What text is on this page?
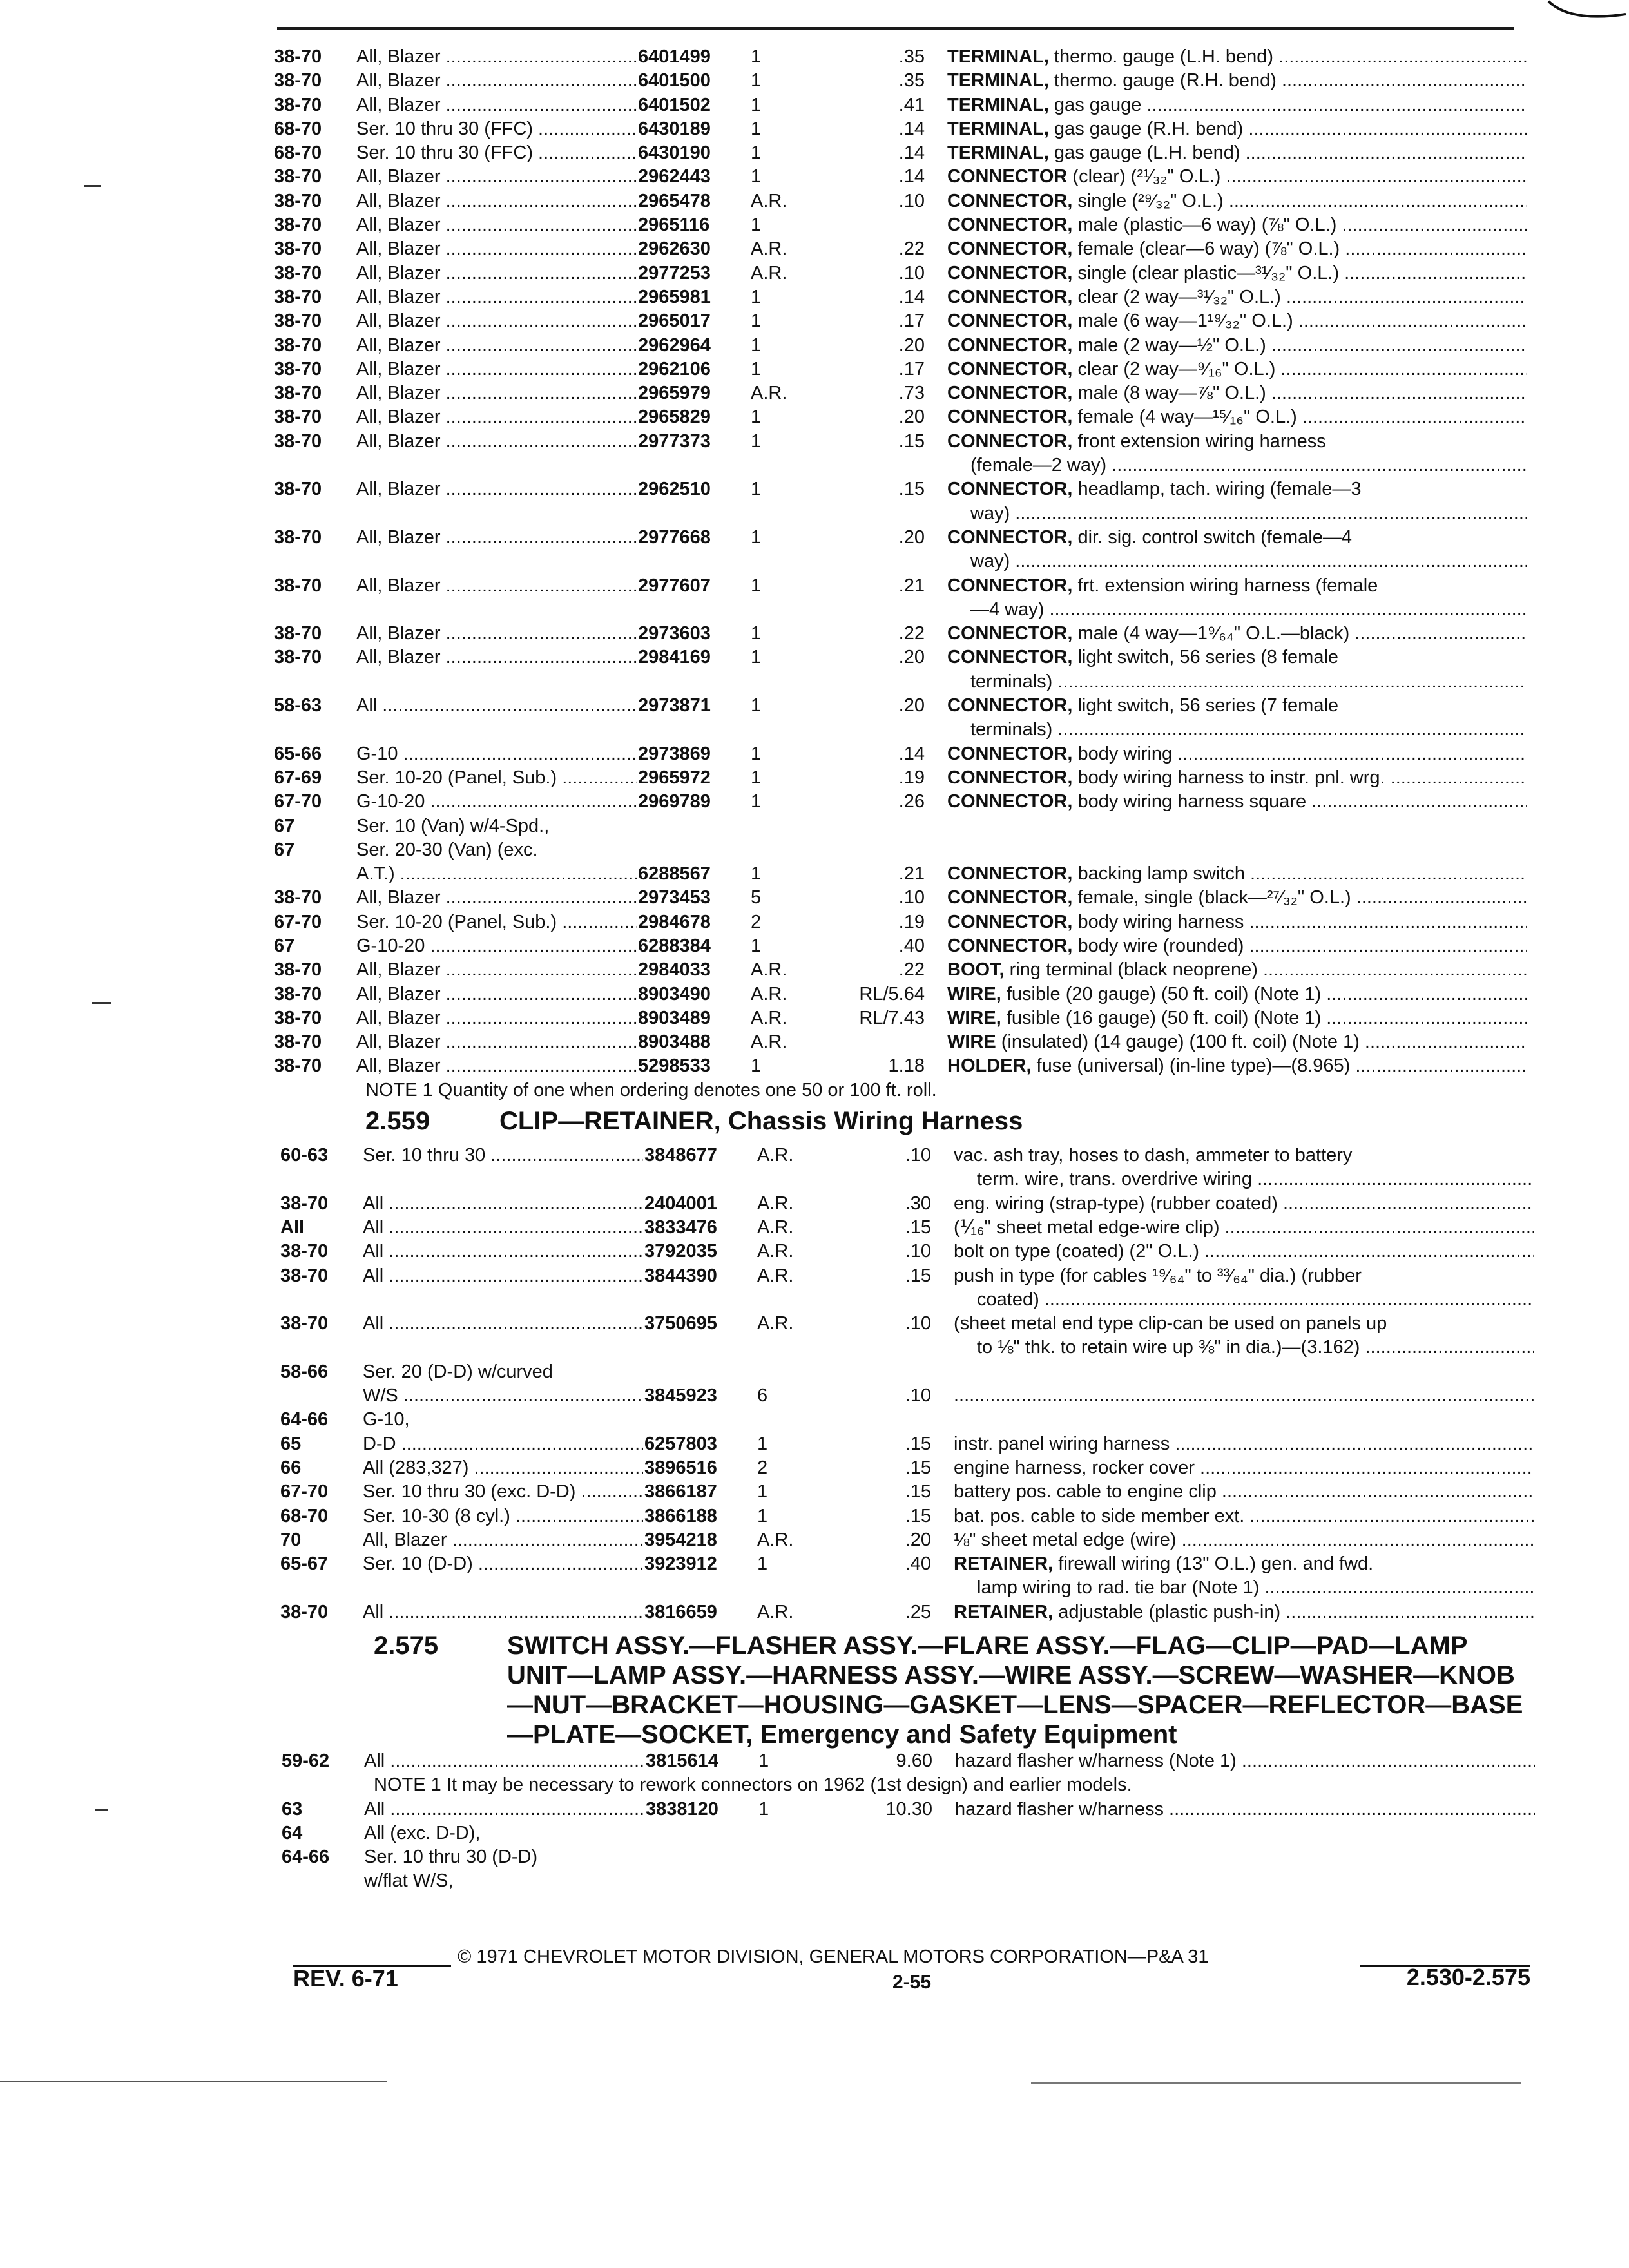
38-70	All, Blazer .....	6401499	1	.35 TERMINAL, thermo. gauge (L.H. bend) .....
38-70	All, Blazer .....	6401500	1	.35 TERMINAL, thermo. gauge (R.H. bend) .....
38-70	All, Blazer .....	6401502	1	.41 TERMINAL, gas gauge .....
68-70	Ser. 10 thru 30 (FFC) .....	6430189	1	.14 TERMINAL, gas gauge (R.H. bend) .....
68-70	Ser. 10 thru 30 (FFC) .....	6430190	1	.14 TERMINAL, gas gauge (L.H. bend) .....
38-70	All, Blazer .....	2962443	1	.14 CONNECTOR (clear) (²¹⁄₃₂" O.L.) .....
38-70	All, Blazer .....	2965478	A.R.	.10 CONNECTOR, single (²⁹⁄₃₂" O.L.) .....
38-70	All, Blazer .....	2965116	1	CONNECTOR, male (plastic—6 way) (⅞" O.L.) .....
38-70	All, Blazer .....	2962630	A.R.	.22 CONNECTOR, female (clear—6 way) (⅞" O.L.) .....
38-70	All, Blazer .....	2977253	A.R.	.10 CONNECTOR, single (clear plastic—³¹⁄₃₂" O.L.) .....
38-70	All, Blazer .....	2965981	1	.14 CONNECTOR, clear (2 way—³¹⁄₃₂" O.L.) .....
38-70	All, Blazer .....	2965017	1	.17 CONNECTOR, male (6 way—1¹⁹⁄₃₂" O.L.) .....
38-70	All, Blazer .....	2962964	1	.20 CONNECTOR, male (2 way—½" O.L.) .....
38-70	All, Blazer .....	2962106	1	.17 CONNECTOR, clear (2 way—⁹⁄₁₆" O.L.) .....
38-70	All, Blazer .....	2965979	A.R.	.73 CONNECTOR, male (8 way—⅞" O.L.) .....
38-70	All, Blazer .....	2965829	1	.20 CONNECTOR, female (4 way—¹⁵⁄₁₆" O.L.) .....
38-70	All, Blazer .....	2977373	1	.15 CONNECTOR, front extension wiring harness
(female—2 way) .....
38-70	All, Blazer .....	2962510	1	.15 CONNECTOR, headlamp, tach. wiring (female—3
way) .....
38-70	All, Blazer .....	2977668	1	.20 CONNECTOR, dir. sig. control switch (female—4
way) .....
38-70	All, Blazer .....	2977607	1	.21 CONNECTOR, frt. extension wiring harness (female
—4 way) .....
38-70	All, Blazer .....	2973603	1	.22 CONNECTOR, male (4 way—1⁹⁄₆₄" O.L.—black) .....
38-70	All, Blazer .....	2984169	1	.20 CONNECTOR, light switch, 56 series (8 female
terminals) .....
58-63	All .....	2973871	1	.20 CONNECTOR, light switch, 56 series (7 female
terminals) .....
65-66	G-10 .....	2973869	1	.14 CONNECTOR, body wiring .....
67-69	Ser. 10-20 (Panel, Sub.) .....	2965972	1	.19 CONNECTOR, body wiring harness to instr. pnl. wrg. .....
67-70	G-10-20 .....	2969789	1	.26 CONNECTOR, body wiring harness square .....
67	Ser. 10 (Van) w/4-Spd.,
67	Ser. 20-30 (Van) (exc.
A.T.) .....	6288567	1	.21 CONNECTOR, backing lamp switch .....
38-70	All, Blazer .....	2973453	5	.10 CONNECTOR, female, single (black—²⁷⁄₃₂" O.L.) .....
67-70	Ser. 10-20 (Panel, Sub.) .....	2984678	2	.19 CONNECTOR, body wiring harness .....
67	G-10-20 .....	6288384	1	.40 CONNECTOR, body wire (rounded) .....
38-70	All, Blazer .....	2984033	A.R.	.22 BOOT, ring terminal (black neoprene) .....
38-70	All, Blazer .....	8903490	A.R.	RL/5.64 WIRE, fusible (20 gauge) (50 ft. coil) (Note 1) .....
38-70	All, Blazer .....	8903489	A.R.	RL/7.43 WIRE, fusible (16 gauge) (50 ft. coil) (Note 1) .....
38-70	All, Blazer .....	8903488	A.R.	WIRE (insulated) (14 gauge) (100 ft. coil) (Note 1) .....
38-70	All, Blazer .....	5298533	1	1.18 HOLDER, fuse (universal) (in-line type)—(8.965) .....
NOTE 1 Quantity of one when ordering denotes one 50 or 100 ft. roll.
2.559	CLIP—RETAINER, Chassis Wiring Harness
60-63	Ser. 10 thru 30 .....	3848677	A.R.	.10 vac. ash tray, hoses to dash, ammeter to battery
term. wire, trans. overdrive wiring .....
38-70	All .....	2404001	A.R.	.30 eng. wiring (strap-type) (rubber coated) .....
All	All .....	3833476	A.R.	.15 (⅟₁₆" sheet metal edge-wire clip) .....
38-70	All .....	3792035	A.R.	.10 bolt on type (coated) (2" O.L.) .....
38-70	All .....	3844390	A.R.	.15 push in type (for cables ¹⁹⁄₆₄" to ³³⁄₆₄" dia.) (rubber
coated) .....
38-70	All .....	3750695	A.R.	.10 (sheet metal end type clip-can be used on panels up
to ⅛" thk. to retain wire up ⅜" in dia.)—(3.162) .....
58-66	Ser. 20 (D-D) w/curved
W/S .....	3845923	6	.10
.....
64-66	G-10,
65	D-D .....	6257803	1	.15 instr. panel wiring harness .....
66	All (283,327) .....	3896516	2	.15 engine harness, rocker cover .....
67-70	Ser. 10 thru 30 (exc. D-D) .....	3866187	1	.15 battery pos. cable to engine clip .....
68-70	Ser. 10-30 (8 cyl.) .....	3866188	1	.15 bat. pos. cable to side member ext. .....
70	All, Blazer .....	3954218	A.R.	.20 ⅛" sheet metal edge (wire) .....
65-67	Ser. 10 (D-D) .....	3923912	1	.40 RETAINER, firewall wiring (13" O.L.) gen. and fwd.
lamp wiring to rad. tie bar (Note 1) .....
38-70	All .....	3816659	A.R.	.25 RETAINER, adjustable (plastic push-in) .....
2.575	SWITCH ASSY.—FLASHER ASSY.—FLARE ASSY.—FLAG—CLIP—PAD—LAMP UNIT—LAMP ASSY.—HARNESS ASSY.—WIRE ASSY.—SCREW—WASHER—KNOB—NUT—BRACKET—HOUSING—GASKET—LENS—SPACER—REFLECTOR—BASE—PLATE—SOCKET, Emergency and Safety Equipment
59-62	All .....	3815614	1	9.60 hazard flasher w/harness (Note 1) .....
NOTE 1 It may be necessary to rework connectors on 1962 (1st design) and earlier models.
63	All .....	3838120	1	10.30 hazard flasher w/harness .....
64	All (exc. D-D),
64-66	Ser. 10 thru 30 (D-D)
w/flat W/S,
© 1971 CHEVROLET MOTOR DIVISION, GENERAL MOTORS CORPORATION—P&A 31
REV. 6-71	2-55	2.530-2.575
